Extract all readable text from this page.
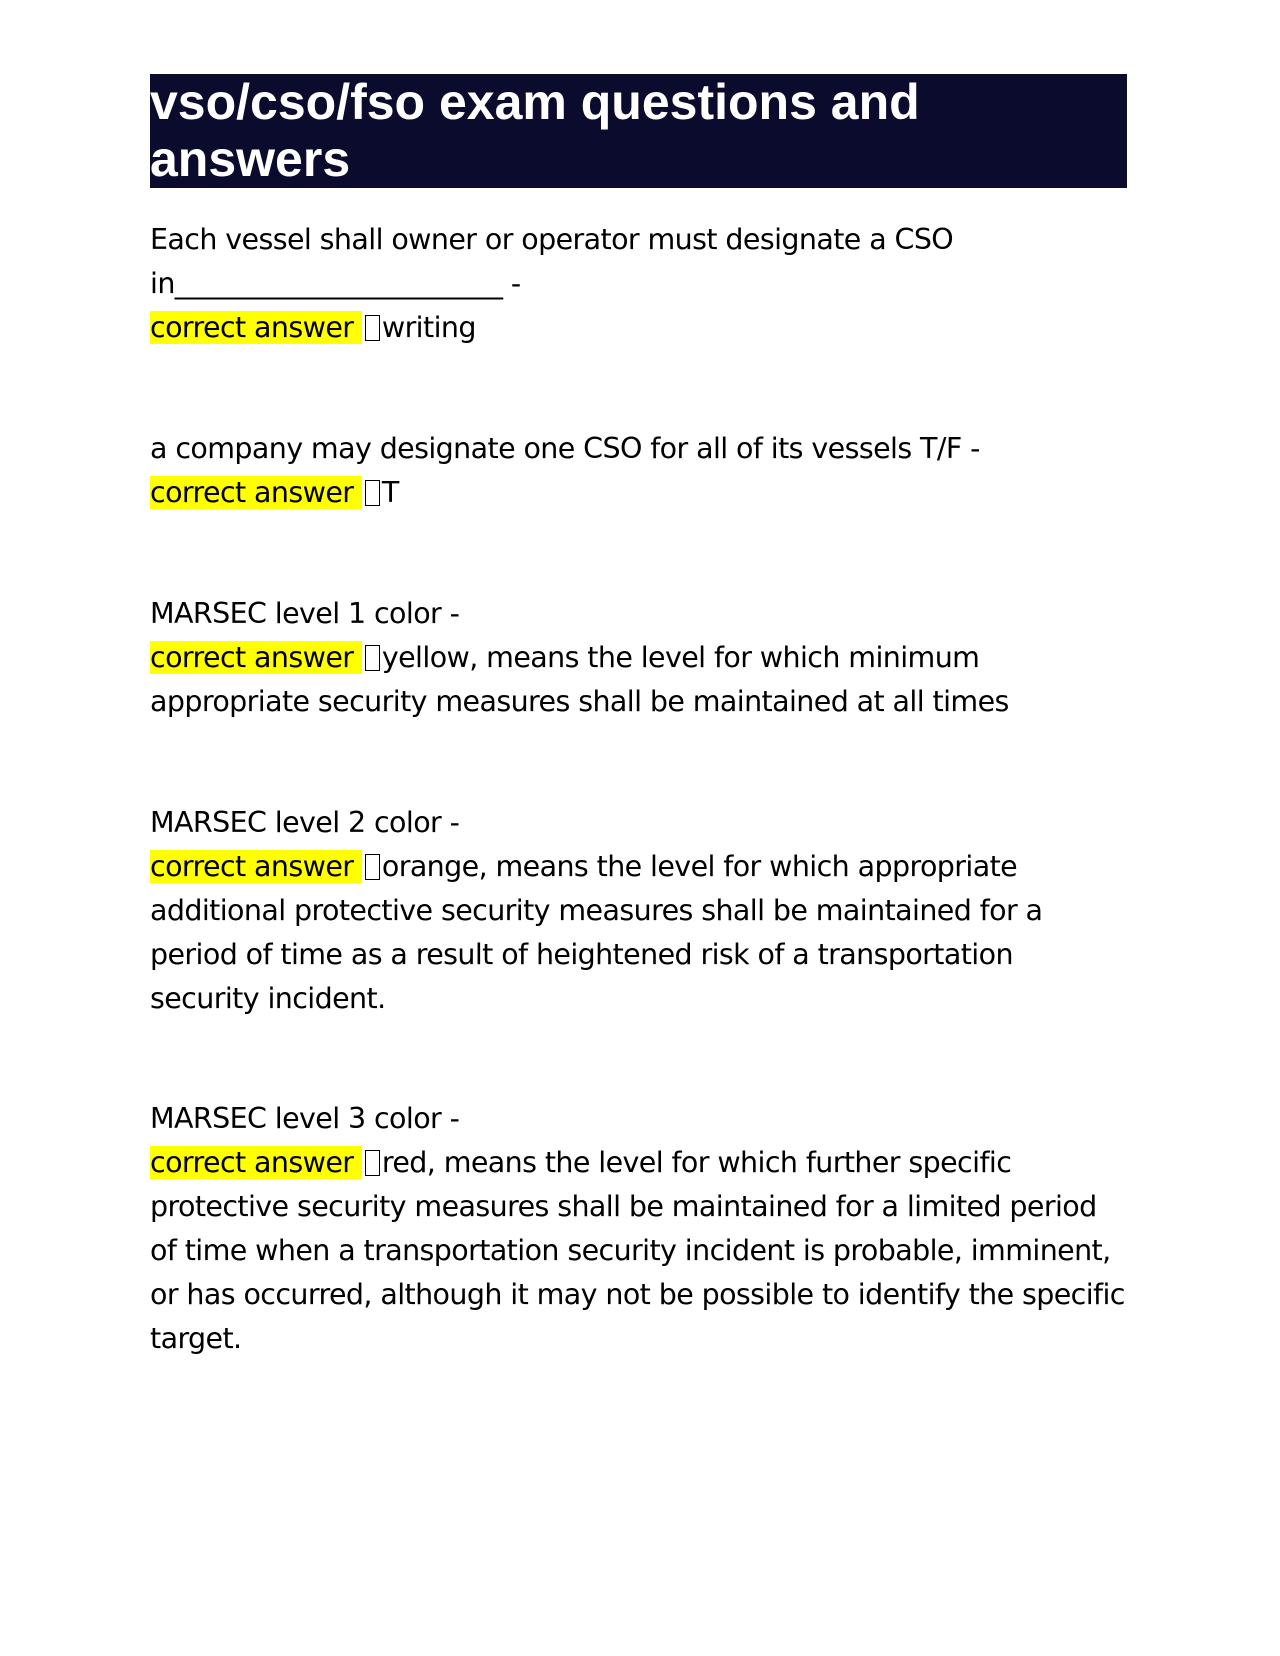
vso/cso/fso exam questions and answers

Each vessel shall owner or operator must designate a CSO in________________________ -

correct answer writing

a company may designate one CSO for all of its vessels T/F -

correct answer T

MARSEC level 1 color -

correct answer yellow, means the level for which minimum appropriate security measures shall be maintained at all times

MARSEC level 2 color -

correct answer orange, means the level for which appropriate additional protective security measures shall be maintained for a period of time as a result of heightened risk of a transportation security incident.

MARSEC level 3 color -

correct answer red, means the level for which further specific protective security measures shall be maintained for a limited period of time when a transportation security incident is probable, imminent, or has occurred, although it may not be possible to identify the specific target.
